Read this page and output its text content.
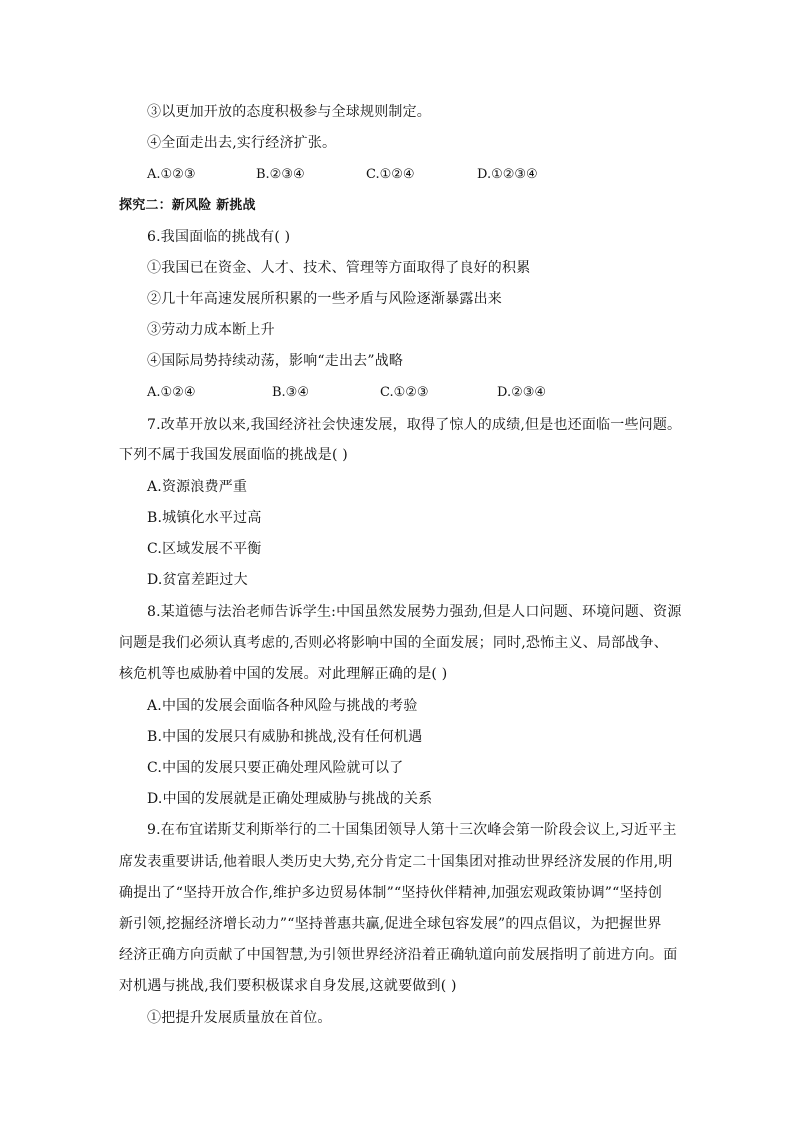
③以更加开放的态度积极参与全球规则制定。
④全面走出去,实行经济扩张。
A.①②③	B.②③④	C.①②④	D.①②③④
探究二：新风险 新挑战
6.我国面临的挑战有( )
①我国已在资金、人才、技术、管理等方面取得了良好的积累
②几十年高速发展所积累的一些矛盾与风险逐渐暴露出来
③劳动力成本断上升
④国际局势持续动荡，影响“走出去”战略
A.①②④	B.③④	C.①②③	D.②③④
7.改革开放以来,我国经济社会快速发展，取得了惊人的成绩,但是也还面临一些问题。
下列不属于我国发展面临的挑战是( )
A.资源浪费严重
B.城镇化水平过高
C.区域发展不平衡
D.贫富差距过大
8.某道德与法治老师告诉学生:中国虽然发展势力强劲,但是人口问题、环境问题、资源
问题是我们必须认真考虑的,否则必将影响中国的全面发展；同时,恐怖主义、局部战争、
核危机等也威胁着中国的发展。对此理解正确的是( )
A.中国的发展会面临各种风险与挑战的考验
B.中国的发展只有威胁和挑战,没有任何机遇
C.中国的发展只要正确处理风险就可以了
D.中国的发展就是正确处理威胁与挑战的关系
9.在布宜诺斯艾利斯举行的二十国集团领导人第十三次峰会第一阶段会议上,习近平主
席发表重要讲话,他着眼人类历史大势,充分肯定二十国集团对推动世界经济发展的作用,明
确提出了“坚持开放合作,维护多边贸易体制”“坚持伙伴精神,加强宏观政策协调”“坚持创
新引领,挖掘经济增长动力”“坚持普惠共赢,促进全球包容发展”的四点倡议，为把握世界
经济正确方向贡献了中国智慧,为引领世界经济沿着正确轨道向前发展指明了前进方向。面
对机遇与挑战,我们要积极谋求自身发展,这就要做到( )
①把提升发展质量放在首位。
